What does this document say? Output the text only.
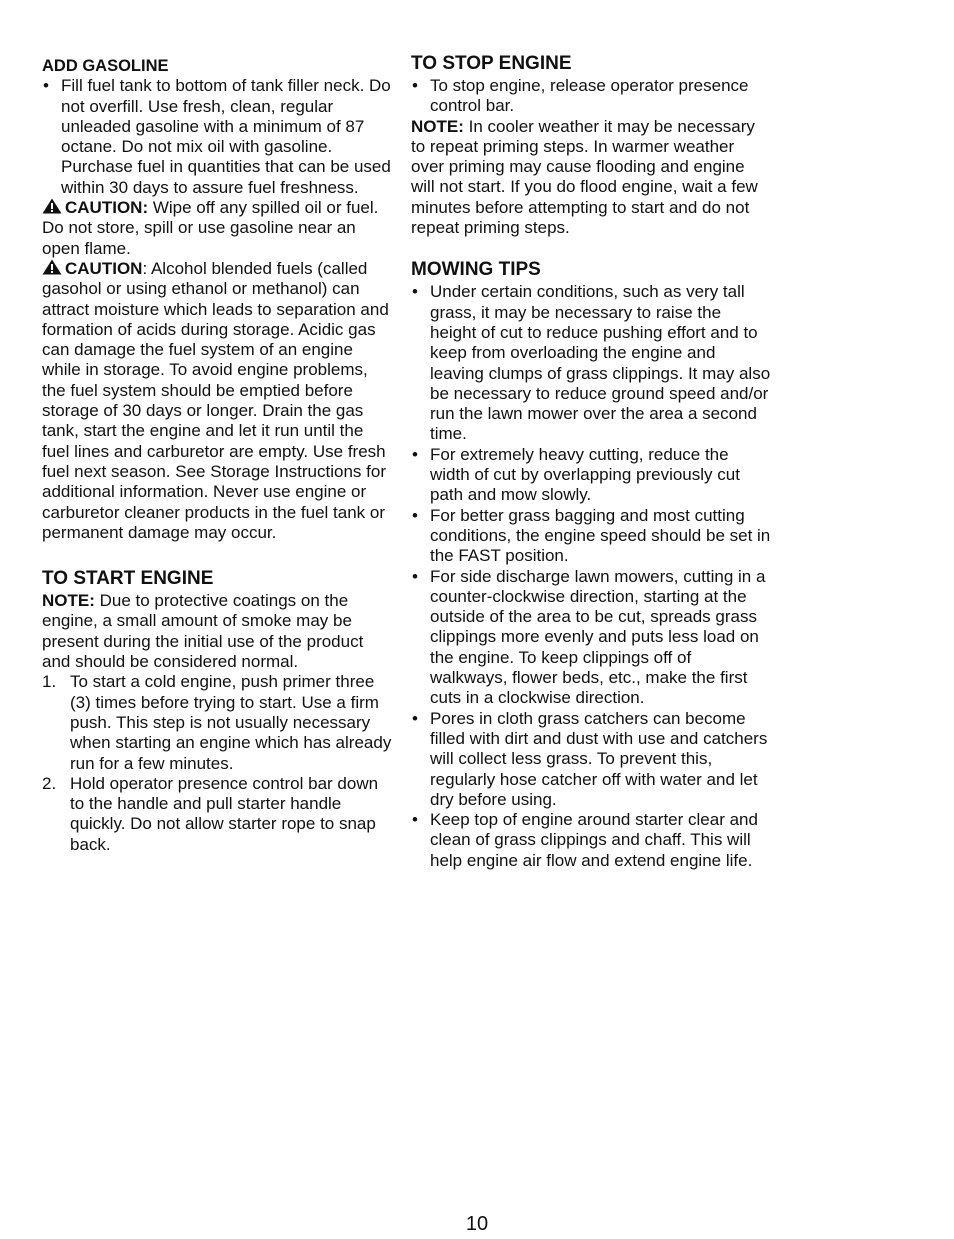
ADD GASOLINE

• Fill fuel tank to bottom of tank filler neck. Do not overfill. Use fresh, clean, regular unleaded gasoline with a minimum of 87 octane. Do not mix oil with gasoline. Purchase fuel in quantities that can be used within 30 days to assure fuel freshness.

CAUTION: Wipe off any spilled oil or fuel. Do not store, spill or use gasoline near an open flame.

CAUTION: Alcohol blended fuels (called gasohol or using ethanol or methanol) can attract moisture which leads to separation and formation of acids during storage. Acidic gas can damage the fuel system of an engine while in storage. To avoid engine problems, the fuel system should be emptied before storage of 30 days or longer. Drain the gas tank, start the engine and let it run until the fuel lines and carburetor are empty. Use fresh fuel next season. See Storage Instructions for additional information. Never use engine or carburetor cleaner products in the fuel tank or permanent damage may occur.

TO START ENGINE

NOTE: Due to protective coatings on the engine, a small amount of smoke may be present during the initial use of the product and should be considered normal.

1. To start a cold engine, push primer three (3) times before trying to start. Use a firm push. This step is not usually necessary when starting an engine which has already run for a few minutes.

2. Hold operator presence control bar down to the handle and pull starter handle quickly. Do not allow starter rope to snap back.

TO STOP ENGINE

• To stop engine, release operator presence control bar.

NOTE: In cooler weather it may be necessary to repeat priming steps. In warmer weather over priming may cause flooding and engine will not start. If you do flood engine, wait a few minutes before attempting to start and do not repeat priming steps.

MOWING TIPS

• Under certain conditions, such as very tall grass, it may be necessary to raise the height of cut to reduce pushing effort and to keep from overloading the engine and leaving clumps of grass clippings. It may also be necessary to reduce ground speed and/or run the lawn mower over the area a second time.

• For extremely heavy cutting, reduce the width of cut by overlapping previously cut path and mow slowly.

• For better grass bagging and most cutting conditions, the engine speed should be set in the FAST position.

• For side discharge lawn mowers, cutting in a counter-clockwise direction, starting at the outside of the area to be cut, spreads grass clippings more evenly and puts less load on the engine. To keep clippings off of walkways, flower beds, etc., make the first cuts in a clockwise direction.

• Pores in cloth grass catchers can become filled with dirt and dust with use and catchers will collect less grass. To prevent this, regularly hose catcher off with water and let dry before using.

• Keep top of engine around starter clear and clean of grass clippings and chaff. This will help engine air flow and extend engine life.

10
